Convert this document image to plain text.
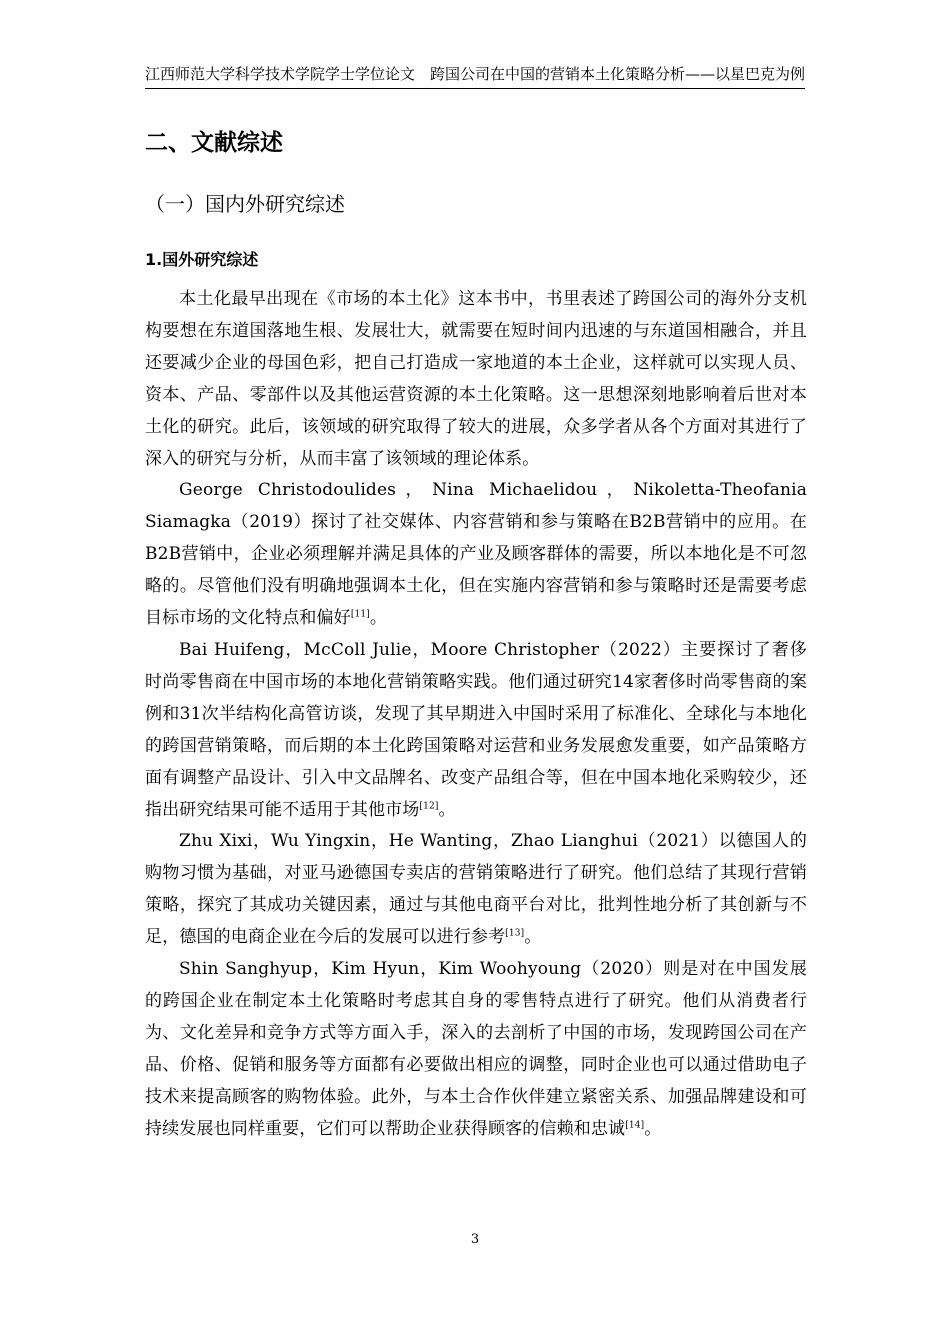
江西师范大学科学技术学院学士学位论文 跨国公司在中国的营销本土化策略分析——以星巴克为例
二、文献综述
（一）国内外研究综述
1.国外研究综述

本土化最早出现在《市场的本土化》这本书中，书里表述了跨国公司的海外分支机构要想在东道国落地生根、发展壮大，就需要在短时间内迅速的与东道国相融合，并且还要减少企业的母国色彩，把自己打造成一家地道的本土企业，这样就可以实现人员、资本、产品、零部件以及其他运营资源的本土化策略。这一思想深刻地影响着后世对本土化的研究。此后，该领域的研究取得了较大的进展，众多学者从各个方面对其进行了深入的研究与分析，从而丰富了该领域的理论体系。

George Christodoulides，Nina Michaelidou，Nikoletta-Theofania Siamagka（2019）探讨了社交媒体、内容营销和参与策略在B2B营销中的应用。在B2B营销中，企业必须理解并满足具体的产业及顾客群体的需要，所以本地化是不可忽略的。尽管他们没有明确地强调本土化，但在实施内容营销和参与策略时还是需要考虑目标市场的文化特点和偏好[11]。

Bai Huifeng，McColl Julie，Moore Christopher（2022）主要探讨了奢侈时尚零售商在中国市场的本地化营销策略实践。他们通过研究14家奢侈时尚零售商的案例和31次半结构化高管访谈，发现了其早期进入中国时采用了标准化、全球化与本地化的跨国营销策略，而后期的本土化跨国策略对运营和业务发展愈发重要，如产品策略方面有调整产品设计、引入中文品牌名、改变产品组合等，但在中国本地化采购较少，还指出研究结果可能不适用于其他市场[12]。

Zhu Xixi，Wu Yingxin，He Wanting，Zhao Lianghui（2021）以德国人的购物习惯为基础，对亚马逊德国专卖店的营销策略进行了研究。他们总结了其现行营销策略，探究了其成功关键因素，通过与其他电商平台对比，批判性地分析了其创新与不足，德国的电商企业在今后的发展可以进行参考[13]。

Shin Sanghyup，Kim Hyun，Kim Woohyoung（2020）则是对在中国发展的跨国企业在制定本土化策略时考虑其自身的零售特点进行了研究。他们从消费者行为、文化差异和竞争方式等方面入手，深入的去剖析了中国的市场，发现跨国公司在产品、价格、促销和服务等方面都有必要做出相应的调整，同时企业也可以通过借助电子技术来提高顾客的购物体验。此外，与本土合作伙伴建立紧密关系、加强品牌建设和可持续发展也同样重要，它们可以帮助企业获得顾客的信赖和忠诚[14]。

3
